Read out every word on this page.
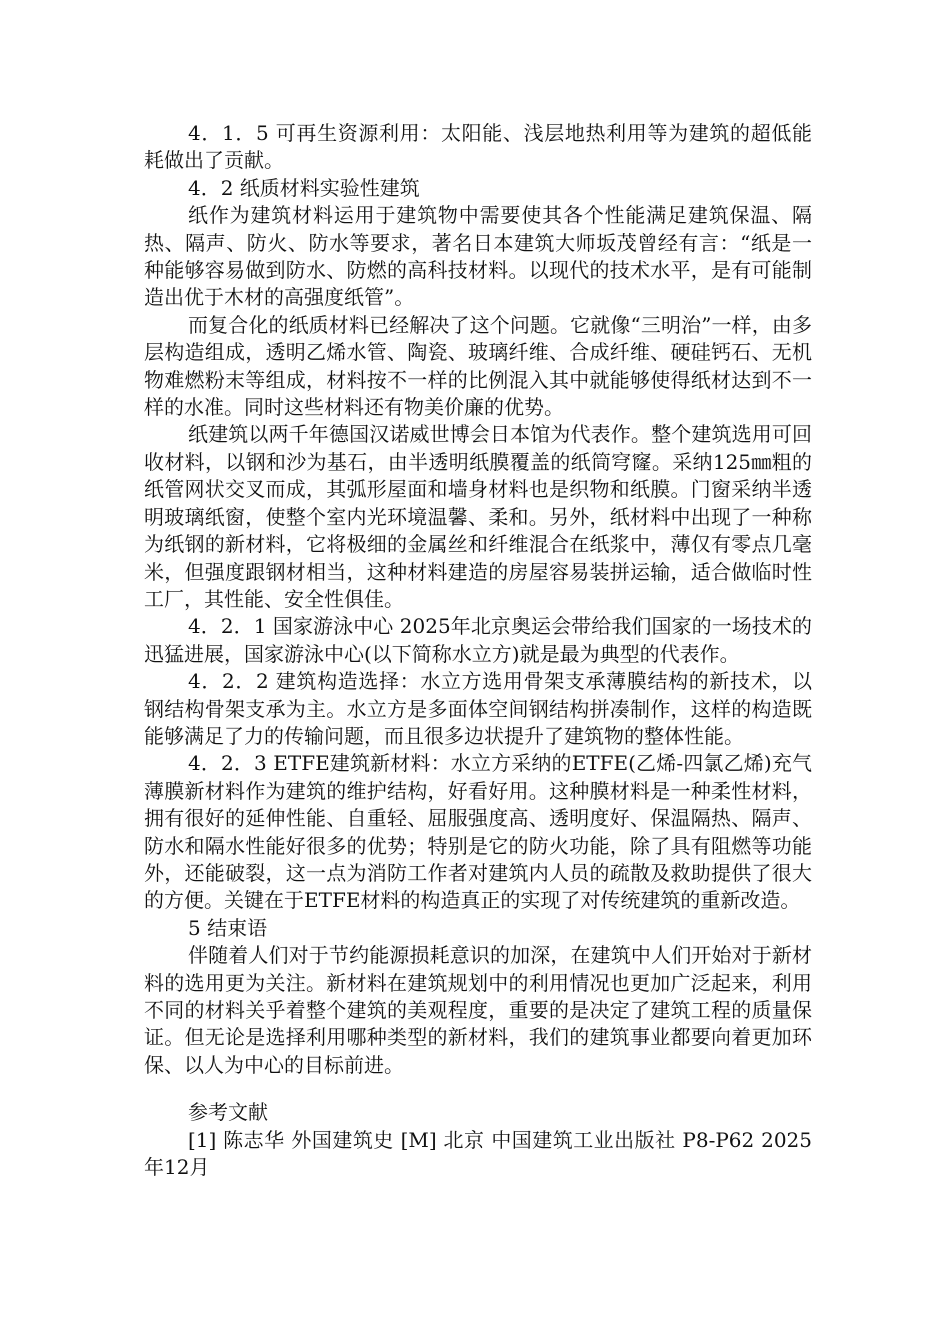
4．1．5 可再生资源利用：太阳能、浅层地热利用等为建筑的超低能耗做出了贡献。

4．2 纸质材料实验性建筑

纸作为建筑材料运用于建筑物中需要使其各个性能满足建筑保温、隔热、隔声、防火、防水等要求，著名日本建筑大师坂茂曾经有言：“纸是一种能够容易做到防水、防燃的高科技材料。以现代的技术水平，是有可能制造出优于木材的高强度纸管”。

而复合化的纸质材料已经解决了这个问题。它就像“三明治”一样，由多层构造组成，透明乙烯水管、陶瓷、玻璃纤维、合成纤维、硬硅钙石、无机物难燃粉末等组成，材料按不一样的比例混入其中就能够使得纸材达到不一样的水准。同时这些材料还有物美价廉的优势。

纸建筑以两千年德国汉诺威世博会日本馆为代表作。整个建筑选用可回收材料，以钢和沙为基石，由半透明纸膜覆盖的纸筒穹窿。采纳125㎜粗的纸管网状交叉而成，其弧形屋面和墙身材料也是织物和纸膜。门窗采纳半透明玻璃纸窗，使整个室内光环境温馨、柔和。另外，纸材料中出现了一种称为纸钢的新材料，它将极细的金属丝和纤维混合在纸浆中，薄仅有零点几毫米，但强度跟钢材相当，这种材料建造的房屋容易装拼运输，适合做临时性工厂，其性能、安全性俱佳。

4．2．1 国家游泳中心 2025年北京奥运会带给我们国家的一场技术的迅猛进展，国家游泳中心(以下简称水立方)就是最为典型的代表作。

4．2．2 建筑构造选择：水立方选用骨架支承薄膜结构的新技术，以钢结构骨架支承为主。水立方是多面体空间钢结构拼凑制作，这样的构造既能够满足了力的传输问题，而且很多边状提升了建筑物的整体性能。

4．2．3 ETFE建筑新材料：水立方采纳的ETFE(乙烯-四氯乙烯)充气薄膜新材料作为建筑的维护结构，好看好用。这种膜材料是一种柔性材料，拥有很好的延伸性能、自重轻、屈服强度高、透明度好、保温隔热、隔声、防水和隔水性能好很多的优势；特别是它的防火功能，除了具有阻燃等功能外，还能破裂，这一点为消防工作者对建筑内人员的疏散及救助提供了很大的方便。关键在于ETFE材料的构造真正的实现了对传统建筑的重新改造。

5 结束语

伴随着人们对于节约能源损耗意识的加深，在建筑中人们开始对于新材料的选用更为关注。新材料在建筑规划中的利用情况也更加广泛起来，利用不同的材料关乎着整个建筑的美观程度，重要的是决定了建筑工程的质量保证。但无论是选择利用哪种类型的新材料，我们的建筑事业都要向着更加环保、以人为中心的目标前进。

参考文献

[1] 陈志华 外国建筑史 [M] 北京 中国建筑工业出版社 P8-P62 2025年12月
